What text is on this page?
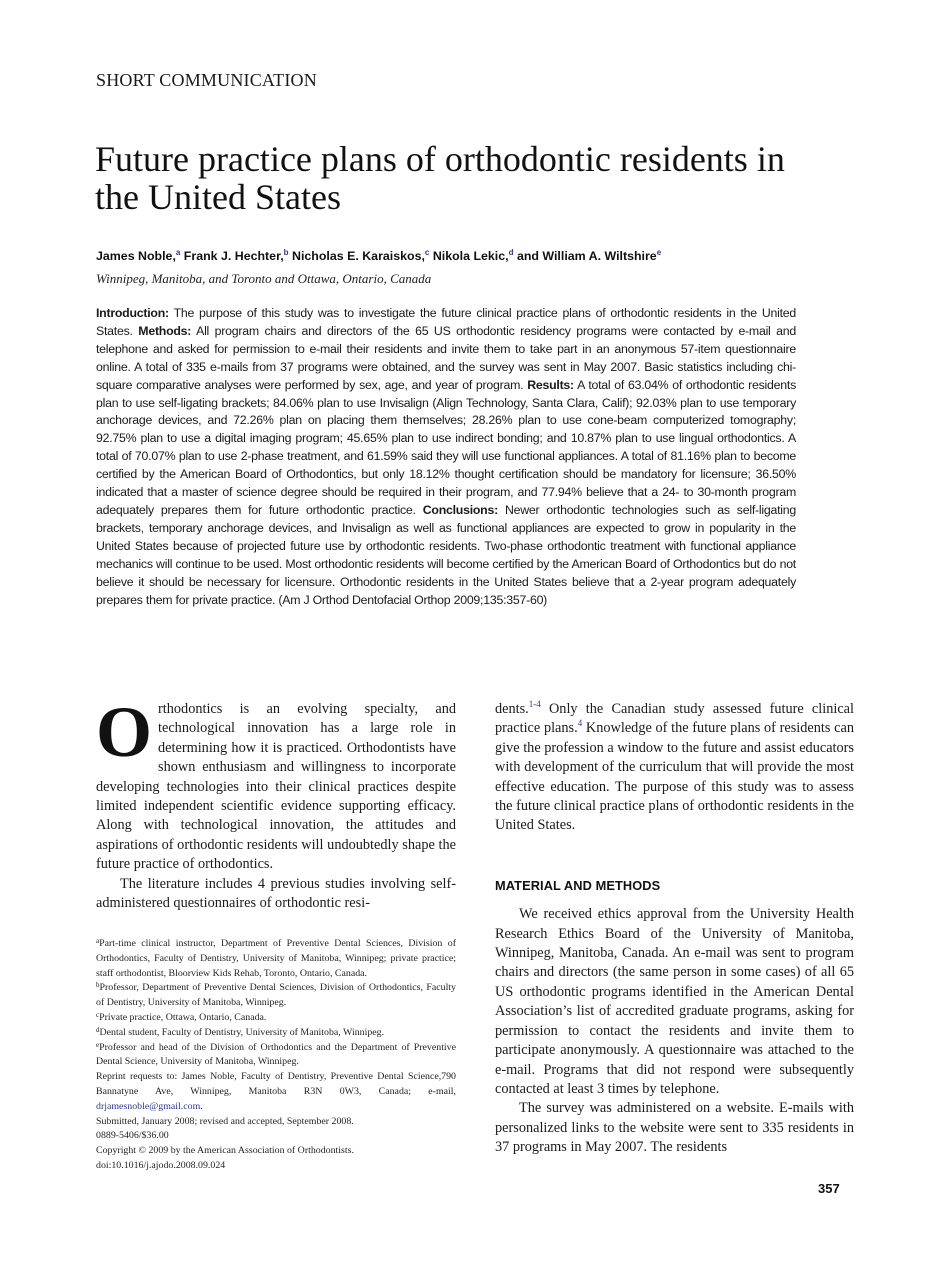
SHORT COMMUNICATION
Future practice plans of orthodontic residents in the United States
James Noble,$^a$ Frank J. Hechter,$^b$ Nicholas E. Karaiskos,$^c$ Nikola Lekic,$^d$ and William A. Wiltshire$^e$
Winnipeg, Manitoba, and Toronto and Ottawa, Ontario, Canada

Introduction: The purpose of this study was to investigate the future clinical practice plans of orthodontic residents in the United States. Methods: All program chairs and directors of the 65 US orthodontic residency programs were contacted by e-mail and telephone and asked for permission to e-mail their residents and invite them to take part in an anonymous 57-item questionnaire online. A total of 335 e-mails from 37 programs were obtained, and the survey was sent in May 2007. Basic statistics including chi-square comparative analyses were performed by sex, age, and year of program. Results: A total of 63.04% of orthodontic residents plan to use self-ligating brackets; 84.06% plan to use Invisalign (Align Technology, Santa Clara, Calif); 92.03% plan to use temporary anchorage devices, and 72.26% plan on placing them themselves; 28.26% plan to use cone-beam computerized tomography; 92.75% plan to use a digital imaging program; 45.65% plan to use indirect bonding; and 10.87% plan to use lingual orthodontics. A total of 70.07% plan to use 2-phase treatment, and 61.59% said they will use functional appliances. A total of 81.16% plan to become certified by the American Board of Orthodontics, but only 18.12% thought certification should be mandatory for licensure; 36.50% indicated that a master of science degree should be required in their program, and 77.94% believe that a 24- to 30-month program adequately prepares them for future orthodontic practice. Conclusions: Newer orthodontic technologies such as self-ligating brackets, temporary anchorage devices, and Invisalign as well as functional appliances are expected to grow in popularity in the United States because of projected future use by orthodontic residents. Two-phase orthodontic treatment with functional appliance mechanics will continue to be used. Most orthodontic residents will become certified by the American Board of Orthodontics but do not believe it should be necessary for licensure. Orthodontic residents in the United States believe that a 2-year program adequately prepares them for private practice. (Am J Orthod Dentofacial Orthop 2009;135:357-60)

Orthodontics is an evolving specialty, and technological innovation has a large role in determining how it is practiced. Orthodontists have shown enthusiasm and willingness to incorporate developing technologies into their clinical practices despite limited independent scientific evidence supporting efficacy. Along with technological innovation, the attitudes and aspirations of orthodontic residents will undoubtedly shape the future practice of orthodontics.

The literature includes 4 previous studies involving self-administered questionnaires of orthodontic resi-

$^a$Part-time clinical instructor, Department of Preventive Dental Sciences, Division of Orthodontics, Faculty of Dentistry, University of Manitoba, Winnipeg; private practice; staff orthodontist, Bloorview Kids Rehab, Toronto, Ontario, Canada.

$^b$Professor, Department of Preventive Dental Sciences, Division of Orthodontics, Faculty of Dentistry, University of Manitoba, Winnipeg.

$^c$Private practice, Ottawa, Ontario, Canada.

$^d$Dental student, Faculty of Dentistry, University of Manitoba, Winnipeg.

$^e$Professor and head of the Division of Orthodontics and the Department of Preventive Dental Science, University of Manitoba, Winnipeg.

Reprint requests to: James Noble, Faculty of Dentistry, Preventive Dental Science,790 Bannatyne Ave, Winnipeg, Manitoba R3N 0W3, Canada; e-mail, drjamesnoble@gmail.com.

Submitted, January 2008; revised and accepted, September 2008.

0889-5406/$36.00

Copyright © 2009 by the American Association of Orthodontists.

doi:10.1016/j.ajodo.2008.09.024

dents.$^{1-4}$ Only the Canadian study assessed future clinical practice plans.$^4$ Knowledge of the future plans of residents can give the profession a window to the future and assist educators with development of the curriculum that will provide the most effective education. The purpose of this study was to assess the future clinical practice plans of orthodontic residents in the United States.

MATERIAL AND METHODS

We received ethics approval from the University Health Research Ethics Board of the University of Manitoba, Winnipeg, Manitoba, Canada. An e-mail was sent to program chairs and directors (the same person in some cases) of all 65 US orthodontic programs identified in the American Dental Association’s list of accredited graduate programs, asking for permission to contact the residents and invite them to participate anonymously. A questionnaire was attached to the e-mail. Programs that did not respond were subsequently contacted at least 3 times by telephone.

The survey was administered on a website. E-mails with personalized links to the website were sent to 335 residents in 37 programs in May 2007. The residents

357
